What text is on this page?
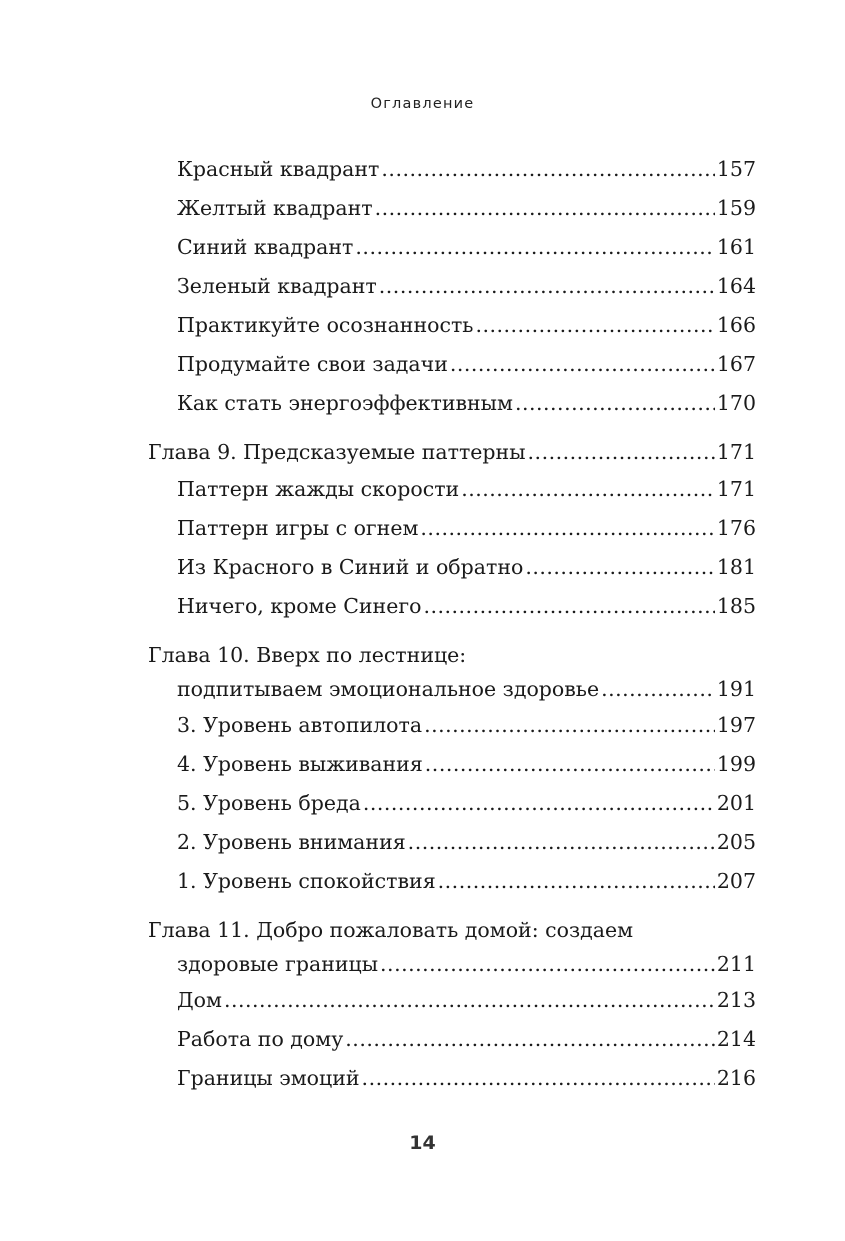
Оглавление
Красный квадрант .....	157
Желтый квадрант .....	159
Синий квадрант .....	161
Зеленый квадрант .....	164
Практикуйте осознанность .....	166
Продумайте свои задачи .....	167
Как стать энергоэффективным .....	170
Глава 9. Предсказуемые паттерны .....	171
Паттерн жажды скорости .....	171
Паттерн игры с огнем .....	176
Из Красного в Синий и обратно .....	181
Ничего, кроме Синего .....	185
Глава 10. Вверх по лестнице:
подпитываем эмоциональное здоровье .....	191
3. Уровень автопилота .....	197
4. Уровень выживания .....	199
5. Уровень бреда .....	201
2. Уровень внимания .....	205
1. Уровень спокойствия .....	207
Глава 11. Добро пожаловать домой: создаем
здоровые границы .....	211
Дом .....	213
Работа по дому .....	214
Границы эмоций .....	216
14
